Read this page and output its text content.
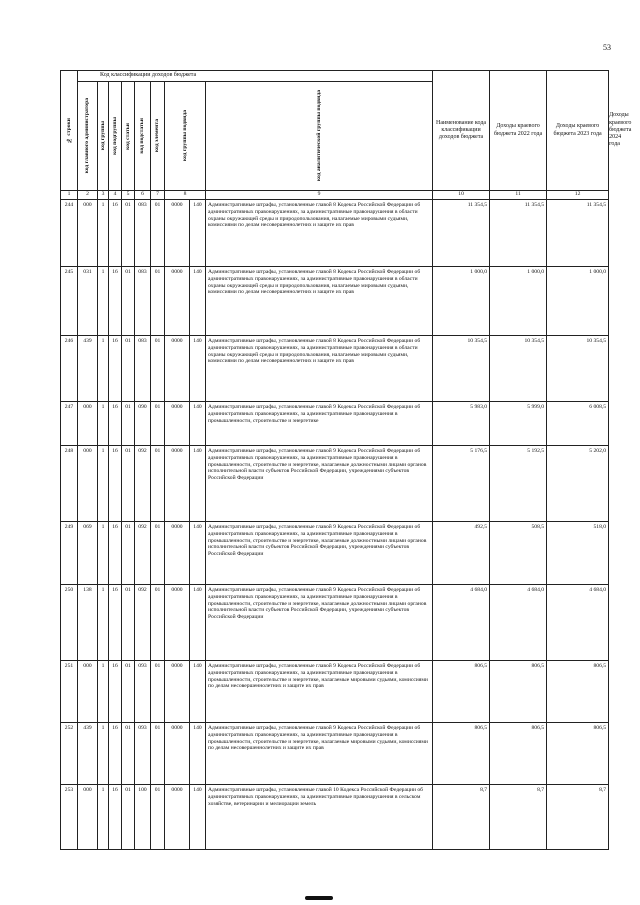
53
№ строки	Код классификации доходов бюджета									Наименование кода классификации доходов бюджета	Доходы краевого бюджета 2022 года	Доходы краевого бюджета 2023 года	Доходы краевого бюджета 2024 года

	код главного администратора	код группы	код подгруппы	код статьи	код подстатьи	код элемента	код группы подвида		код аналитической группы подвида				

1	2	3	4	5	6	7	8		9	10	11	12	
244	000	1	16	01	083	01	0000	140	Административные штрафы, установленные главой 8 Кодекса Российской Федерации об административных правонарушениях, за административные правонарушения в области охраны окружающей среды и природопользования, налагаемые мировыми судьями, комиссиями по делам несовершеннолетних и защите их прав	11 354,5	11 354,5	11 354,5	
245	031	1	16	01	083	01	0000	140	Административные штрафы, установленные главой 8 Кодекса Российской Федерации об административных правонарушениях, за административные правонарушения в области охраны окружающей среды и природопользования, налагаемые мировыми судьями, комиссиями по делам несовершеннолетних и защите их прав	1 000,0	1 000,0	1 000,0	
246	439	1	16	01	083	01	0000	140	Административные штрафы, установленные главой 8 Кодекса Российской Федерации об административных правонарушениях, за административные правонарушения в области охраны окружающей среды и природопользования, налагаемые мировыми судьями, комиссиями по делам несовершеннолетних и защите их прав	10 354,5	10 354,5	10 354,5	
247	000	1	16	01	090	01	0000	140	Административные штрафы, установленные главой 9 Кодекса Российской Федерации об административных правонарушениях, за административные правонарушения в промышленности, строительстве и энергетике	5 983,0	5 999,0	6 008,5	
248	000	1	16	01	092	01	0000	140	Административные штрафы, установленные главой 9 Кодекса Российской Федерации об административных правонарушениях, за административные правонарушения в промышленности, строительстве и энергетике, налагаемые должностными лицами органов исполнительной власти субъектов Российской Федерации, учреждениями субъектов Российской Федерации	5 176,5	5 192,5	5 202,0	
249	069	1	16	01	092	01	0000	140	Административные штрафы, установленные главой 9 Кодекса Российской Федерации об административных правонарушениях, за административные правонарушения в промышленности, строительстве и энергетике, налагаемые должностными лицами органов исполнительной власти субъектов Российской Федерации, учреждениями субъектов Российской Федерации	492,5	508,5	518,0	
250	138	1	16	01	092	01	0000	140	Административные штрафы, установленные главой 9 Кодекса Российской Федерации об административных правонарушениях, за административные правонарушения в промышленности, строительстве и энергетике, налагаемые должностными лицами органов исполнительной власти субъектов Российской Федерации, учреждениями субъектов Российской Федерации	4 684,0	4 684,0	4 684,0	
251	000	1	16	01	093	01	0000	140	Административные штрафы, установленные главой 9 Кодекса Российской Федерации об административных правонарушениях, за административные правонарушения в промышленности, строительстве и энергетике, налагаемые мировыми судьями, комиссиями по делам несовершеннолетних и защите их прав	806,5	806,5	806,5	
252	439	1	16	01	093	01	0000	140	Административные штрафы, установленные главой 9 Кодекса Российской Федерации об административных правонарушениях, за административные правонарушения в промышленности, строительстве и энергетике, налагаемые мировыми судьями, комиссиями по делам несовершеннолетних и защите их прав	806,5	806,5	806,5	
253	000	1	16	01	100	01	0000	140	Административные штрафы, установленные главой 10 Кодекса Российской Федерации об административных правонарушениях, за административные правонарушения в сельском хозяйстве, ветеринарии и мелиорации земель	8,7	8,7	8,7	
